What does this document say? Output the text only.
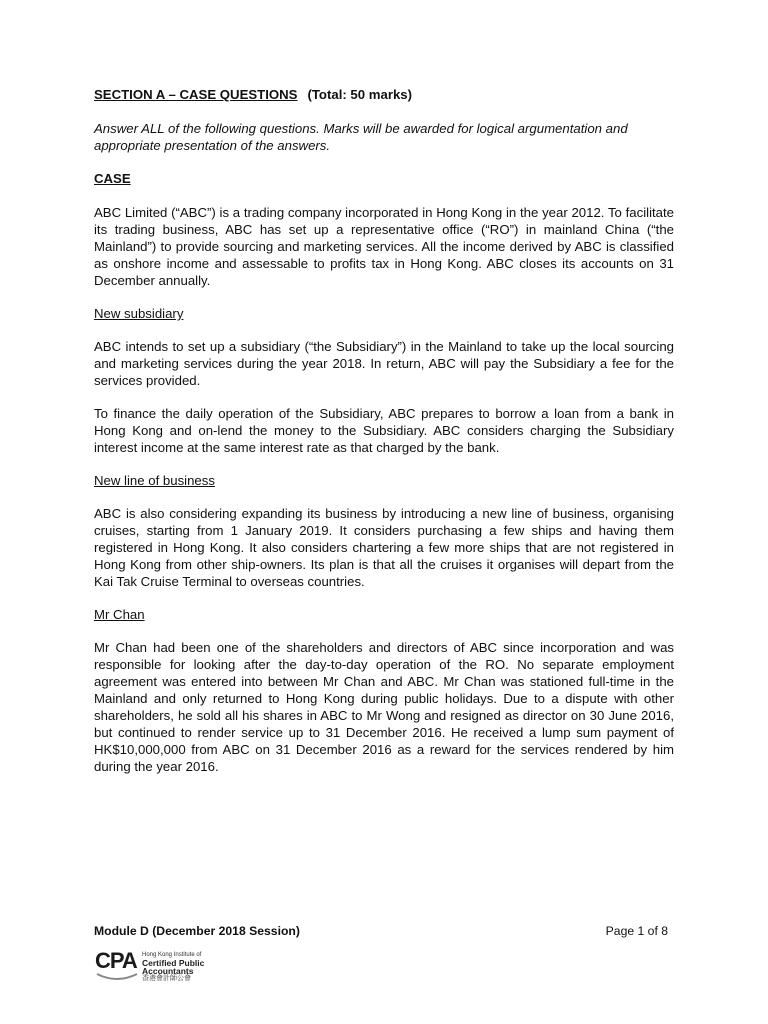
SECTION A – CASE QUESTIONS (Total: 50 marks)

Answer ALL of the following questions. Marks will be awarded for logical argumentation and appropriate presentation of the answers.

CASE

ABC Limited (“ABC”) is a trading company incorporated in Hong Kong in the year 2012. To facilitate its trading business, ABC has set up a representative office (“RO”) in mainland China (“the Mainland”) to provide sourcing and marketing services. All the income derived by ABC is classified as onshore income and assessable to profits tax in Hong Kong. ABC closes its accounts on 31 December annually.

New subsidiary

ABC intends to set up a subsidiary (“the Subsidiary”) in the Mainland to take up the local sourcing and marketing services during the year 2018. In return, ABC will pay the Subsidiary a fee for the services provided.

To finance the daily operation of the Subsidiary, ABC prepares to borrow a loan from a bank in Hong Kong and on-lend the money to the Subsidiary. ABC considers charging the Subsidiary interest income at the same interest rate as that charged by the bank.

New line of business

ABC is also considering expanding its business by introducing a new line of business, organising cruises, starting from 1 January 2019. It considers purchasing a few ships and having them registered in Hong Kong. It also considers chartering a few more ships that are not registered in Hong Kong from other ship-owners. Its plan is that all the cruises it organises will depart from the Kai Tak Cruise Terminal to overseas countries.

Mr Chan

Mr Chan had been one of the shareholders and directors of ABC since incorporation and was responsible for looking after the day-to-day operation of the RO. No separate employment agreement was entered into between Mr Chan and ABC. Mr Chan was stationed full-time in the Mainland and only returned to Hong Kong during public holidays. Due to a dispute with other shareholders, he sold all his shares in ABC to Mr Wong and resigned as director on 30 June 2016, but continued to render service up to 31 December 2016. He received a lump sum payment of HK$10,000,000 from ABC on 31 December 2016 as a reward for the services rendered by him during the year 2016.

Module D (December 2018 Session)	Page 1 of 8
CPA Hong Kong Institute of
Certified Public Accountants
香港會計師公會
